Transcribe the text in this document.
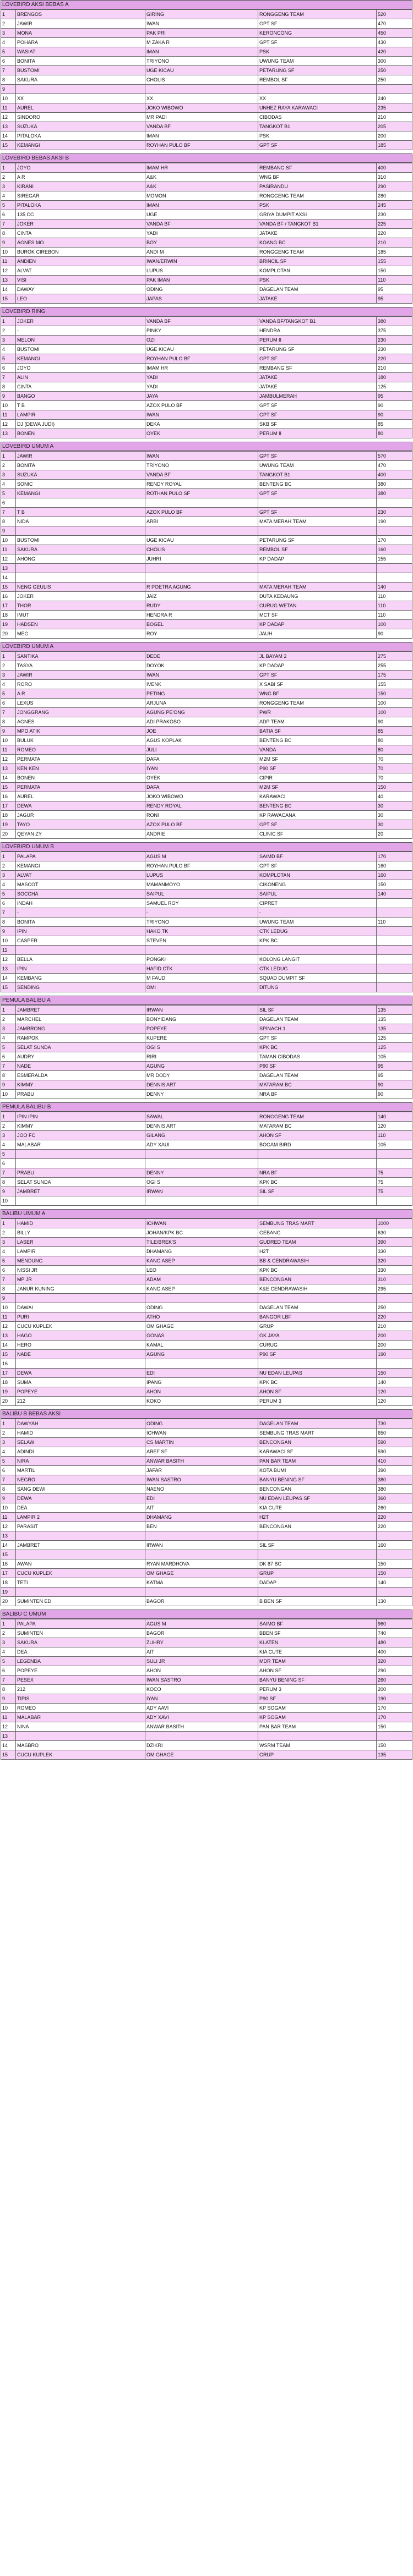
LOVEBIRD AKSI BEBAS A
1	BRENGOS	GIRING	RONGGENG TEAM	520
2	JAWIR	IWAN	GPT SF	470
3	MONA	PAK PRI	KERONCONG	450
4	POHARA	M ZAKA R	GPT SF	430
5	WASIAT	IMAN	PSK	420
6	BONITA	TRIYONO	UWUNG TEAM	300
7	BUSTOMI	UGE KICAU	PETARUNG SF	250
8	SAKURA	CHOLIS	REMBOL SF	250
9				
10	XX	XX	XX	240
11	AUREL	JOKO WIBOWO	UNHEZ RAYA KARAWACI	235
12	SINDORO	MR PADI	CIBODAS	210
13	SUZUKA	VANDA BF	TANGKOT B1	205
14	PITALOKA	IMAN	PSK	200
15	KEMANGI	ROYHAN PULO BF	GPT SF	185
LOVEBIRD BEBAS AKSI B
1	JOYO	IMAM HR	REMBANG SF	400
2	A R	A&K	WNG BF	310
3	KIRANI	A&K	PASIRANDU	290
4	SIREGAR	MOMON	RONGGENG TEAM	280
5	PITALOKA	IMAN	PSK	245
6	135 CC	UGE	GRIYA DUMPIT AXSI	230
7	JOKER	VANDA BF	VANDA BF / TANGKOT B1	225
8	CINTA	YADI	JATAKE	220
9	AGNES MO	BOY	KOANG BC	210
10	BUROK CIREBON	ANDI M	RONGGENG TEAM	185
11	ANDIEN	IWAN/ERWIN	BRINCIL SF	155
12	ALVAT	LUPUS	KOMPLOTAN	150
13	VISI	PAK IMAN	PSK	110
14	DAWAY	ODING	DAGELAN TEAM	95
15	LEO	JAPAS	JATAKE	95
LOVEBIRD RING
1	JOKER	VANDA BF	VANDA BF/TANGKOT B1	380
2	-	PINKY	HENDRA	375
3	MELON	OZI	PERUM II	230
4	BUSTOMI	UGE KICAU	PETARUNG SF	230
5	KEMANGI	ROYHAN PULO BF	GPT SF	220
6	JOYO	IMAM HR	REMBANG SF	210
7	ALIN	YADI	JATAKE	180
8	CINTA	YADI	JATAKE	125
9	BANGO	JAYA	JAMBULMERAH	95
10	T B	AZOX PULO BF	GPT SF	90
11	LAMPIR	IWAN	GPT SF	90
12	DJ (DEWA JUDI)	DEKA	SKB SF	85
13	BONEN	OYEK	PERUM II	80
LOVEBIRD UMUM A
1	JAWIR	IWAN	GPT SF	570
2	BONITA	TRIYONO	UWUNG TEAM	470
3	SUZUKA	VANDA BF	TANGKOT B1	400
4	SONIC	RENDY ROYAL	BENTENG BC	380
5	KEMANGI	ROTHAN PULO SF	GPT SF	380
6				
7	T B	AZOX PULO BF	GPT SF	230
8	NIDA	ARBI	MATA MERAH TEAM	190
9				
10	BUSTOMI	UGE KICAU	PETARUNG SF	170
11	SAKURA	CHOLIS	REMBOL SF	160
12	AHONG	JUHRI	KP DADAP	155
13				
14				
15	NENG GEULIS	R POETRA AGUNG	MATA MERAH TEAM	140
16	JOKER	JAIZ	DUTA KEDAUNG	110
17	THOR	RUDY	CURUG WETAN	110
18	IMUT	HENDRA R	MCT SF	110
19	HADSEN	BOGEL	KP DADAP	100
20	MEG	ROY	JAUH	90
LOVEBIRD UMUM A
1	SANTIKA	DEDE	JL BAYAM 2	275
2	TASYA	DOYOK	KP DADAP	255
3	JAWIR	IWAN	GPT SF	175
4	RORO	IVENK	X SABI SF	155
5	A R	PETING	WNG BF	150
6	LEXUS	ARJUNA	RONGGENG TEAM	100
7	JONGGRANG	AGUNG PE'ONG	PWR	100
8	AGNES	ADI PRAKOSO	ADP TEAM	90
9	MPO ATIK	JOE	BATIA SF	85
10	BULUK	AGUS KOPLAK	BENTENG BC	80
11	ROMEO	JULI	VANDA	80
12	PERMATA	DAFA	M2M SF	70
13	KEN KEN	IYAN	P90 SF	70
14	BONEN	OYEK	CIPIR	70
15	PERMATA	DAFA	M2M SF	150
16	AUREL	JOKO WIBOWO	KARAWACI	40
17	DEWA	RENDY ROYAL	BENTENG BC	30
18	JAGUR	RONI	KP RAWACANA	30
19	TAYO	AZOX PULO BF	GPT SF	30
20	QEYAN ZY	ANDRIE	CLINIC SF	20
LOVEBIRD UMUM B
1	PALAPA	AGUS M	SAIMD BF	170
2	KEMANGI	ROYHAN PULO BF	GPT SF	160
3	ALVAT	LUPUS	KOMPLOTAN	160
4	MASCOT	MAMANMOYO	CIKONENG	150
5	SOCCHA	SAIPUL	SAIPUL	140
6	INDAH	SAMUEL ROY	CIPRET	
7	-	-	-	
8	BONITA	TRIYONO	UWUNG TEAM	110
9	IPIN	HAKO TK	CTK LEDUG	
10	CASPER	STEVEN	KPK BC	
11				
12	BELLA	PONGKI	KOLONG LANGIT	
13	IPIN	HAFID CTK	CTK LEDUG	
14	KEMBANG	M FAUD	SQUAD DUMPIT SF	
15	SENDING	OMI	DITUNG	
PEMULA BALIBU A
1	JAMBRET	IRWAN	SIL SF	135
2	MARCHEL	BONYIDANG	DAGELAN TEAM	135
3	JAMBRONG	POPEYE	SPINACH 1	135
4	RAMPOK	KUPERE	GPT SF	125
5	SELAT SUNDA	OGI S	KPK BC	125
6	AUDRY	RIRI	TAMAN CIBODAS	105
7	NADE	AGUNG	P90 SF	95
8	ESMERALDA	MR DODY	DAGELAN TEAM	95
9	KIMMY	DENNIS ART	MATARAM BC	90
10	PRABU	DENNY	NRA BF	90
PEMULA BALIBU B
1	IPIN IPIN	SAWAL	RONGGENG TEAM	140
2	KIMMY	DENNIS ART	MATARAM BC	120
3	JOO FC	GILANG	AHON SF	110
4	MALABAR	ADY XAUI	BOGAM BIRD	105
5				
6				
7	PRABU	DENNY	NRA BF	75
8	SELAT SUNDA	OGI S	KPK BC	75
9	JAMBRET	IRWAN	SIL SF	75
10				
BALIBU UMUM A
1	HAMID	ICHWAN	SEMBUNG TRAS MART	1000
2	BILLY	JOHAN/KPK BC	GEBANG	630
3	LASER	TILE/BREK'S	GUDRED TEAM	390
4	LAMPIR	DHAMANG	H2T	330
5	MENDUNG	KANG ASEP	BB & CENDRAWASIH	320
6	NISSI JR	LEO	KPK BC	330
7	MP JR	ADAM	BENCONGAN	310
8	JANUR KUNING	KANG ASEP	K&E CENDRAWASIH	295
9				
10	DAWAI	ODING	DAGELAN TEAM	250
11	PURI	ATHO	BANGOR LBF	220
12	CUCU KUPLEK	OM GHAGE	GRUP	210
13	HAGO	GONAS	GK JAYA	200
14	HERO	KAMAL	CURUG	200
15	NADE	AGUNG	P90 SF	190
16				
17	DEWA	EDI	NU EDAN LEUPAS	150
18	SUMA	IPANG	KPK BC	140
19	POPEYE	AHON	AHON SF	120
20	212	KOKO	PERUM 3	120
BALIBU B BEBAS AKSI
1	DAWYAH	ODING	DAGELAN TEAM	730
2	HAMID	ICHWAN	SEMBUNG TRAS MART	650
3	SELAW	CS MARTIN	BENCONGAN	590
4	ADINDI	AREF SF	KARAWACI SF	590
5	NIRA	ANWAR BASITH	PAN BAR TEAM	410
6	MARTIL	JAFAR	KOTA BUMI	390
7	NEGRO	IWAN SASTRO	BANYU BENING SF	380
8	SANG DEWI	NAENO	BENCONGAN	380
9	DEWA	EDI	NU EDAN LEUPAS SF	360
10	DEA	AIT	KIA CUTE	260
11	LAMPIR 2	DHAMANG	H2T	220
12	PARASIT	BEN	BENCONGAN	220
13				
14	JAMBRET	IRWAN	SIL SF	160
15				
16	AWAN	RYAN MARDHOVA	DK 87 BC	150
17	CUCU KUPLEK	OM GHAGE	GRUP	150
18	TETI	KATMA	DADAP	140
19				
20	SUMINTEN ED	BAGOR	B BEN SF	130
BALIBU C UMUM
1	PALAPA	AGUS M	SAIMO BF	960
2	SUMINTEN	BAGOR	BBEN SF	740
3	SAKURA	ZUHRY	KLATEN	480
4	DEA	AIT	KIA CUTE	400
5	LEGENDA	SULI JR	MDR TEAM	320
6	POPEYE	AHON	AHON SF	290
7	PESEX	IWAN SASTRO	BANYU BENING SF	260
8	212	KOCO	PERUM 3	200
9	TIPIS	IYAN	P90 SF	190
10	ROMEO	ADY AAVI	KP SOGAM	170
11	MALABAR	ADY XAVI	KP SOGAM	170
12	NINA	ANWAR BASITH	PAN BAR TEAM	150
13				
14	MASBRO	DZIKRI	WSRM TEAM	150
15	CUCU KUPLEK	OM GHAGE	GRUP	135
